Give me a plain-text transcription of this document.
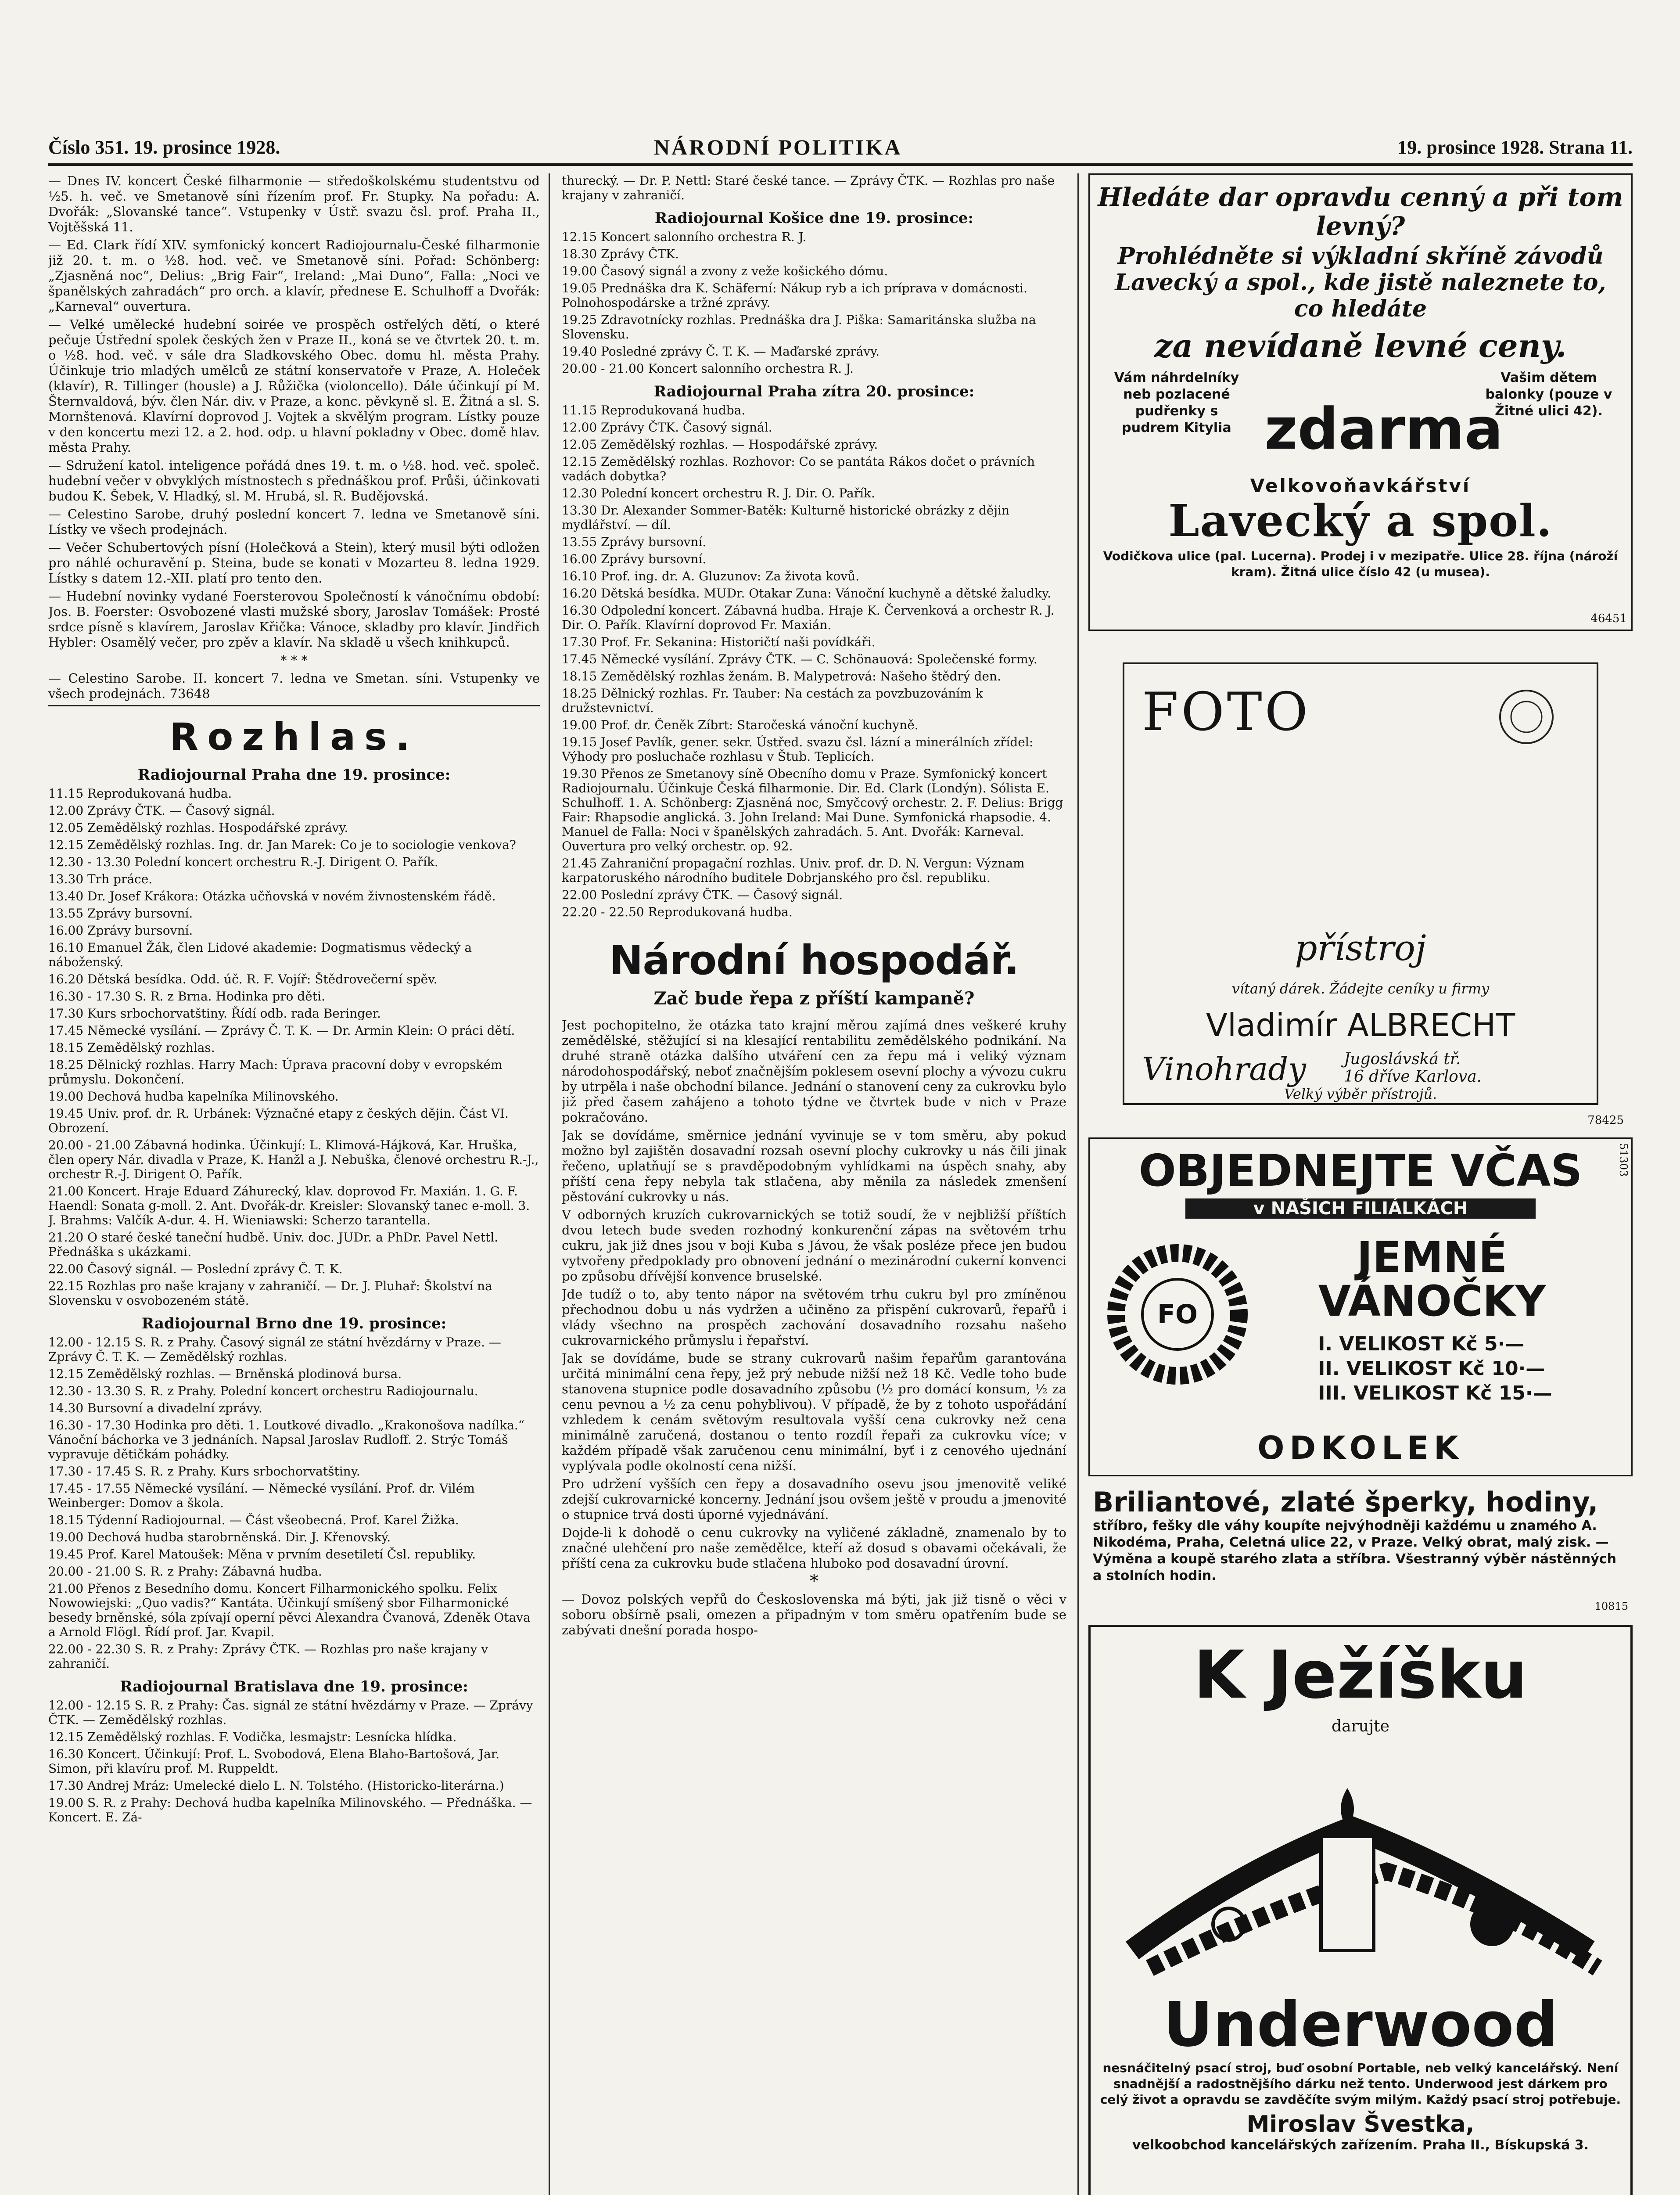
Číslo 351. 19. prosince 1928.	NÁRODNÍ POLITIKA	19. prosince 1928. Strana 11.

— Dnes IV. koncert České filharmonie — středoškolskému studentstvu od ½5. h. več. ve Smetanově síni řízením prof. Fr. Stupky. Na pořadu: A. Dvořák: „Slovanské tance“. Vstupenky v Ústř. svazu čsl. prof. Praha II., Vojtěšská 11.

— Ed. Clark řídí XIV. symfonický koncert Radiojournalu-České filharmonie již 20. t. m. o ½8. hod. več. ve Smetanově síni. Pořad: Schönberg: „Zjasněná noc“, Delius: „Brig Fair“, Ireland: „Mai Duno“, Falla: „Noci ve španělských zahradách“ pro orch. a klavír, přednese E. Schulhoff a Dvořák: „Karneval“ ouvertura.

— Velké umělecké hudební soirée ve prospěch ostřelých dětí, o které pečuje Ústřední spolek českých žen v Praze II., koná se ve čtvrtek 20. t. m. o ½8. hod. več. v sále dra Sladkovského Obec. domu hl. města Prahy. Účinkuje trio mladých umělců ze státní konservatoře v Praze, A. Holeček (klavír), R. Tillinger (housle) a J. Růžička (violoncello). Dále účinkují pí M. Šternvaldová, býv. člen Nár. div. v Praze, a konc. pěvkyně sl. E. Žitná a sl. S. Mornštenová. Klavírní doprovod J. Vojtek a skvělým program. Lístky pouze v den koncertu mezi 12. a 2. hod. odp. u hlavní pokladny v Obec. domě hlav. města Prahy.

— Sdružení katol. inteligence pořádá dnes 19. t. m. o ½8. hod. več. společ. hudební večer v obvyklých místnostech s přednáškou prof. Průši, účinkovati budou K. Šebek, V. Hladký, sl. M. Hrubá, sl. R. Budějovská.

— Celestino Sarobe, druhý poslední koncert 7. ledna ve Smetanově síni. Lístky ve všech prodejnách.

— Večer Schubertových písní (Holečková a Stein), který musil býti odložen pro náhlé ochuravění p. Steina, bude se konati v Mozarteu 8. ledna 1929. Lístky s datem 12.-XII. platí pro tento den.

— Hudební novinky vydané Foersterovou Společností k vánočnímu období: Jos. B. Foerster: Osvobozené vlasti mužské sbory, Jaroslav Tomášek: Prosté srdce písně s klavírem, Jaroslav Křička: Vánoce, skladby pro klavír. Jindřich Hybler: Osamělý večer, pro zpěv a klavír. Na skladě u všech knihkupců.

* * *

— Celestino Sarobe. II. koncert 7. ledna ve Smetan. síni. Vstupenky ve všech prodejnách. 73648

Rozhlas.
Radiojournal Praha dne 19. prosince:

11.15 Reprodukovaná hudba.

12.00 Zprávy ČTK. — Časový signál.

12.05 Zemědělský rozhlas. Hospodářské zprávy.

12.15 Zemědělský rozhlas. Ing. dr. Jan Marek: Co je to sociologie venkova?

12.30 - 13.30 Polední koncert orchestru R.-J. Dirigent O. Pařík.

13.30 Trh práce.

13.40 Dr. Josef Krákora: Otázka učňovská v novém živnostenském řádě.

13.55 Zprávy bursovní.

16.00 Zprávy bursovní.

16.10 Emanuel Žák, člen Lidové akademie: Dogmatismus vědecký a náboženský.

16.20 Dětská besídka. Odd. úč. R. F. Vojíř: Štědrovečerní spěv.

16.30 - 17.30 S. R. z Brna. Hodinka pro děti.

17.30 Kurs srbochorvatštiny. Řídí odb. rada Beringer.

17.45 Německé vysílání. — Zprávy Č. T. K. — Dr. Armin Klein: O práci dětí.

18.15 Zemědělský rozhlas.

18.25 Dělnický rozhlas. Harry Mach: Úprava pracovní doby v evropském průmyslu. Dokončení.

19.00 Dechová hudba kapelníka Milinovského.

19.45 Univ. prof. dr. R. Urbánek: Význačné etapy z českých dějin. Část VI. Obrození.

20.00 - 21.00 Zábavná hodinka. Účinkují: L. Klimová-Hájková, Kar. Hruška, člen opery Nár. divadla v Praze, K. Hanžl a J. Nebuška, členové orchestru R.-J., orchestr R.-J. Dirigent O. Pařík.

21.00 Koncert. Hraje Eduard Záhurecký, klav. doprovod Fr. Maxián. 1. G. F. Haendl: Sonata g-moll. 2. Ant. Dvořák-dr. Kreisler: Slovanský tanec e-moll. 3. J. Brahms: Valčík A-dur. 4. H. Wieniawski: Scherzo tarantella.

21.20 O staré české taneční hudbě. Univ. doc. JUDr. a PhDr. Pavel Nettl. Přednáška s ukázkami.

22.00 Časový signál. — Poslední zprávy Č. T. K.

22.15 Rozhlas pro naše krajany v zahraničí. — Dr. J. Pluhař: Školství na Slovensku v osvobozeném státě.

Radiojournal Brno dne 19. prosince:

12.00 - 12.15 S. R. z Prahy. Časový signál ze státní hvězdárny v Praze. — Zprávy Č. T. K. — Zemědělský rozhlas.

12.15 Zemědělský rozhlas. — Brněnská plodinová bursa.

12.30 - 13.30 S. R. z Prahy. Polední koncert orchestru Radiojournalu.

14.30 Bursovní a divadelní zprávy.

16.30 - 17.30 Hodinka pro děti. 1. Loutkové divadlo. „Krakonošova nadílka.“ Vánoční báchorka ve 3 jednáních. Napsal Jaroslav Rudloff. 2. Strýc Tomáš vypravuje dětičkám pohádky.

17.30 - 17.45 S. R. z Prahy. Kurs srbochorvatštiny.

17.45 - 17.55 Německé vysílání. — Německé vysílání. Prof. dr. Vilém Weinberger: Domov a škola.

18.15 Týdenní Radiojournal. — Část všeobecná. Prof. Karel Žižka.

19.00 Dechová hudba starobrněnská. Dir. J. Křenovský.

19.45 Prof. Karel Matoušek: Měna v prvním desetiletí Čsl. republiky.

20.00 - 21.00 S. R. z Prahy: Zábavná hudba.

21.00 Přenos z Besedního domu. Koncert Filharmonického spolku. Felix Nowowiejski: „Quo vadis?“ Kantáta. Účinkují smíšený sbor Filharmonické besedy brněnské, sóla zpívají operní pěvci Alexandra Čvanová, Zdeněk Otava a Arnold Flögl. Řídí prof. Jar. Kvapil.

22.00 - 22.30 S. R. z Prahy: Zprávy ČTK. — Rozhlas pro naše krajany v zahraničí.

Radiojournal Bratislava dne 19. prosince:

12.00 - 12.15 S. R. z Prahy: Čas. signál ze státní hvězdárny v Praze. — Zprávy ČTK. — Zemědělský rozhlas.

12.15 Zemědělský rozhlas. F. Vodička, lesmajstr: Lesnícka hlídka.

16.30 Koncert. Účinkují: Prof. L. Svobodová, Elena Blaho-Bartošová, Jar. Simon, při klavíru prof. M. Ruppeldt.

17.30 Andrej Mráz: Umelecké dielo L. N. Tolstého. (Historicko-literárna.)

19.00 S. R. z Prahy: Dechová hudba kapelníka Milinovského. — Přednáška. — Koncert. E. Zá-

thurecký. — Dr. P. Nettl: Staré české tance. — Zprávy ČTK. — Rozhlas pro naše krajany v zahraničí.

Radiojournal Košice dne 19. prosince:

12.15 Koncert salonního orchestra R. J.

18.30 Zprávy ČTK.

19.00 Časový signál a zvony z veže košického dómu.

19.05 Prednáška dra K. Schäferní: Nákup ryb a ich príprava v domácnosti. Polnohospodárske a tržné zprávy.

19.25 Zdravotnícky rozhlas. Prednáška dra J. Piška: Samaritánska služba na Slovensku.

19.40 Posledné zprávy Č. T. K. — Maďarské zprávy.

20.00 - 21.00 Koncert salonního orchestra R. J.

Radiojournal Praha zítra 20. prosince:

11.15 Reprodukovaná hudba.

12.00 Zprávy ČTK. Časový signál.

12.05 Zemědělský rozhlas. — Hospodářské zprávy.

12.15 Zemědělský rozhlas. Rozhovor: Co se pantáta Rákos dočet o právních vadách dobytka?

12.30 Polední koncert orchestru R. J. Dir. O. Pařík.

13.30 Dr. Alexander Sommer-Batěk: Kulturně historické obrázky z dějin mydlářství. — díl.

13.55 Zprávy bursovní.

16.00 Zprávy bursovní.

16.10 Prof. ing. dr. A. Gluzunov: Za života kovů.

16.20 Dětská besídka. MUDr. Otakar Zuna: Vánoční kuchyně a dětské žaludky.

16.30 Odpolední koncert. Zábavná hudba. Hraje K. Červenková a orchestr R. J. Dir. O. Pařík. Klavírní doprovod Fr. Maxián.

17.30 Prof. Fr. Sekanina: Historičtí naši povídkáři.

17.45 Německé vysílání. Zprávy ČTK. — C. Schönauová: Společenské formy.

18.15 Zemědělský rozhlas ženám. B. Malypetrová: Našeho štědrý den.

18.25 Dělnický rozhlas. Fr. Tauber: Na cestách za povzbuzováním k družstevnictví.

19.00 Prof. dr. Čeněk Zíbrt: Staročeská vánoční kuchyně.

19.15 Josef Pavlík, gener. sekr. Ústřed. svazu čsl. lázní a minerálních zřídel: Výhody pro posluchače rozhlasu v Štub. Teplicích.

19.30 Přenos ze Smetanovy síně Obecního domu v Praze. Symfonický koncert Radiojournalu. Účinkuje Česká filharmonie. Dir. Ed. Clark (Londýn). Sólista E. Schulhoff. 1. A. Schönberg: Zjasněná noc, Smyčcový orchestr. 2. F. Delius: Brigg Fair: Rhapsodie anglická. 3. John Ireland: Mai Dune. Symfonická rhapsodie. 4. Manuel de Falla: Noci v španělských zahradách. 5. Ant. Dvořák: Karneval. Ouvertura pro velký orchestr. op. 92.

21.45 Zahraniční propagační rozhlas. Univ. prof. dr. D. N. Vergun: Význam karpatoruského národního buditele Dobrjanského pro čsl. republiku.

22.00 Poslední zprávy ČTK. — Časový signál.

22.20 - 22.50 Reprodukovaná hudba.

Národní hospodář.
Zač bude řepa z příští kampaně?

Jest pochopitelno, že otázka tato krajní měrou zajímá dnes veškeré kruhy zemědělské, stěžující si na klesající rentabilitu zemědělského podnikání. Na druhé straně otázka dalšího utváření cen za řepu má i veliký význam národohospodářský, neboť značnějším poklesem osevní plochy a vývozu cukru by utrpěla i naše obchodní bilance. Jednání o stanovení ceny za cukrovku bylo již před časem zahájeno a tohoto týdne ve čtvrtek bude v nich v Praze pokračováno.

Jak se dovídáme, směrnice jednání vyvinuje se v tom směru, aby pokud možno byl zajištěn dosavadní rozsah osevní plochy cukrovky u nás čili jinak řečeno, uplatňují se s pravděpodobným vyhlídkami na úspěch snahy, aby příští cena řepy nebyla tak stlačena, aby měnila za následek zmenšení pěstování cukrovky u nás.

V odborných kruzích cukrovarnických se totiž soudí, že v nejbližší příštích dvou letech bude sveden rozhodný konkurenční zápas na světovém trhu cukru, jak již dnes jsou v boji Kuba s Jávou, že však posléze přece jen budou vytvořeny předpoklady pro obnovení jednání o mezinárodní cukerní konvenci po způsobu dřívější konvence bruselské.

Jde tudíž o to, aby tento nápor na světovém trhu cukru byl pro zmíněnou přechodnou dobu u nás vydržen a učiněno za přispění cukrovarů, řepařů i vlády všechno na prospěch zachování dosavadního rozsahu našeho cukrovarnického průmyslu i řepařství.

Jak se dovídáme, bude se strany cukrovarů našim řepařům garantována určitá minimální cena řepy, jež prý nebude nižší než 18 Kč. Vedle toho bude stanovena stupnice podle dosavadního způsobu (½ pro domácí konsum, ½ za cenu pevnou a ½ za cenu pohyblivou). V případě, že by z tohoto uspořádání vzhledem k cenám světovým resultovala vyšší cena cukrovky než cena minimálně zaručená, dostanou o tento rozdíl řepaři za cukrovku více; v každém případě však zaručenou cenu minimální, byť i z cenového ujednání vyplývala podle okolností cena nižší.

Pro udržení vyšších cen řepy a dosavadního osevu jsou jmenovitě veliké zdejší cukrovarnické koncerny. Jednání jsou ovšem ještě v proudu a jmenovité o stupnice trvá dosti úporné vyjednávání.

Dojde-li k dohodě o cenu cukrovky na vyličené základně, znamenalo by to značné ulehčení pro naše zemědělce, kteří až dosud s obavami očekávali, že příští cena za cukrovku bude stlačena hluboko pod dosavadní úrovní.

*

— Dovoz polských vepřů do Československa má býti, jak již tisně o věci v soboru obšírně psali, omezen a připadným v tom směru opatřením bude se zabývati dnešní porada hospo-

Hledáte dar opravdu cenný a při tom levný?
Prohlédněte si výkladní skříně závodů Lavecký a spol., kde jistě naleznete to, co hledáte
za nevídaně levné ceny.
Vám náhrdelníky neb pozlacené pudřenky s pudrem Kitylia zdarma
Vašim dětem balonky (pouze v Žitné ulici 42).
Velkovoňavkářství
Lavecký a spol.
Vodičkova ulice (pal. Lucerna). Prodej i v mezipatře. Ulice 28. října (nároží kram). Žitná ulice číslo 42 (u musea).
46451
FOTO
přístroj
vítaný dárek. Žádejte ceníky u firmy
Vladimír ALBRECHT
Vinohrady Jugoslávská tř. 16 dříve Karlova.
Velký výběr přístrojů.
78425
OBJEDNEJTE VČAS
v NAŠICH FILIÁLKÁCH
FO
JEMNÉ VÁNOČKY
I. VELIKOST Kč 5·—
II. VELIKOST Kč 10·—
III. VELIKOST Kč 15·—
ODKOLEK
51303
Briliantové, zlaté šperky, hodiny,
stříbro, fešky dle váhy koupíte nejvýhodněji každému u znamého A. Nikodéma, Praha, Celetná ulice 22, v Praze. Velký obrat, malý zisk. — Výměna a koupě starého zlata a stříbra. Všestranný výběr nástěnných a stolních hodin.
10815
K Ježíšku
darujte
Underwood
nesnáčitelný psací stroj, buď osobní Portable, neb velký kancelářský. Není snadnější a radostnějšího dárku než tento. Underwood jest dárkem pro celý život a opravdu se zavděčíte svým milým. Každý psací stroj potřebuje.
Miroslav Švestka,
velkoobchod kancelářských zařízením. Praha II., Bískupská 3.
